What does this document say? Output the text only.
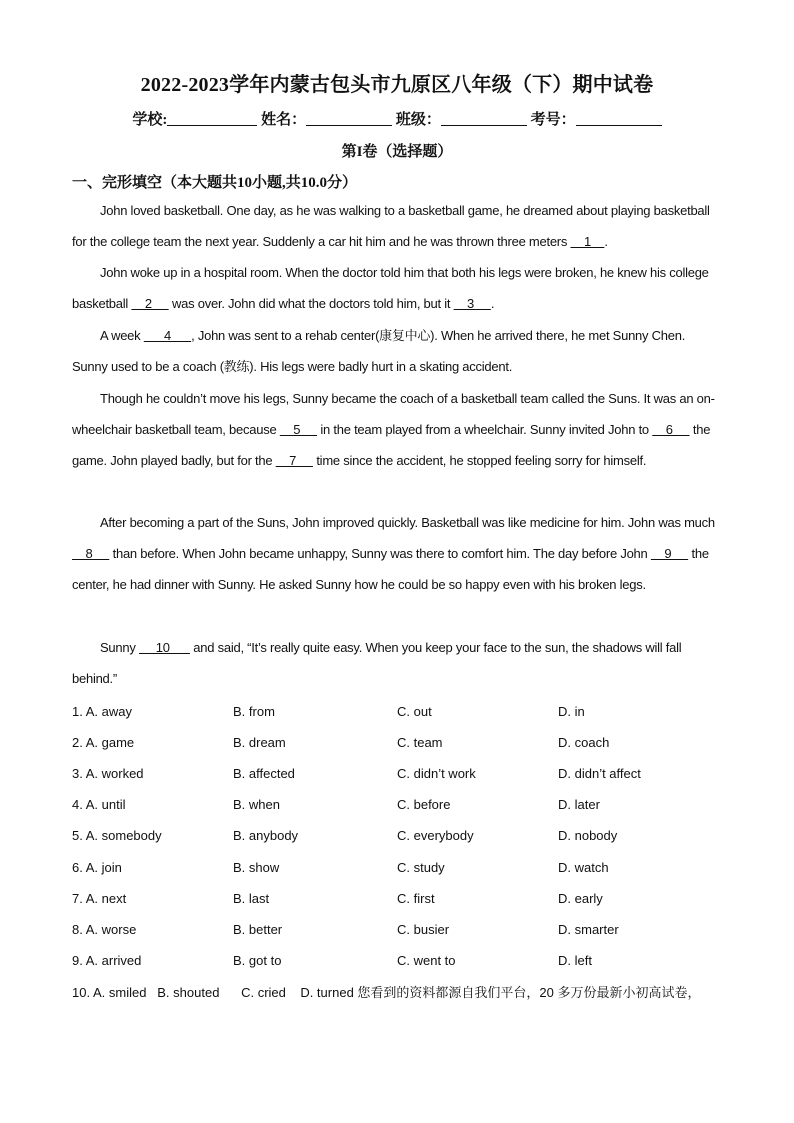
2022-2023学年内蒙古包头市九原区八年级（下）期中试卷
学校:	姓名：	班级：	考号：
第I卷（选择题）
一、完形填空（本大题共10小题,共10.0分）
John loved basketball. One day, as he was walking to a basketball game, he dreamed about playing basketball for the college team the next year. Suddenly a car hit him and he was thrown three meters     1    .
John woke up in a hospital room. When the doctor told him that both his legs were broken, he knew his college basketball     2      was over. John did what the doctors told him, but it     3     .
A week       4      , John was sent to a rehab center(康复中心). When he arrived there, he met Sunny Chen. Sunny used to be a coach (教练). His legs were badly hurt in a skating accident.
Though he couldn’t move his legs, Sunny became the coach of a basketball team called the Suns. It was an on-wheelchair basketball team, because     5      in the team played from a wheelchair. Sunny invited John to     6      the game. John played badly, but for the     7      time since the accident, he stopped feeling sorry for himself.
After becoming a part of the Suns, John improved quickly. Basketball was like medicine for him. John was much     8      than before. When John became unhappy, Sunny was there to comfort him. The day before John     9      the center, he had dinner with Sunny. He asked Sunny how he could be so happy even with his broken legs.
Sunny      10       and said, “It’s really quite easy. When you keep your face to the sun, the shadows will fall behind.”
1. A. away	B. from	C. out	D. in
2. A. game	B. dream	C. team	D. coach
3. A. worked	B. affected	C. didn’t work	D. didn’t affect
4. A. until	B. when	C. before	D. later
5. A. somebody	B. anybody	C. everybody	D. nobody
6. A. join	B. show	C. study	D. watch
7. A. next	B. last	C. first	D. early
8. A. worse	B. better	C. busier	D. smarter
9. A. arrived	B. got to	C. went to	D. left
10. A. smiled   B. shouted      C. cried    D. turned 您看到的资料都源自我们平台，20 多万份最新小初高试卷，
